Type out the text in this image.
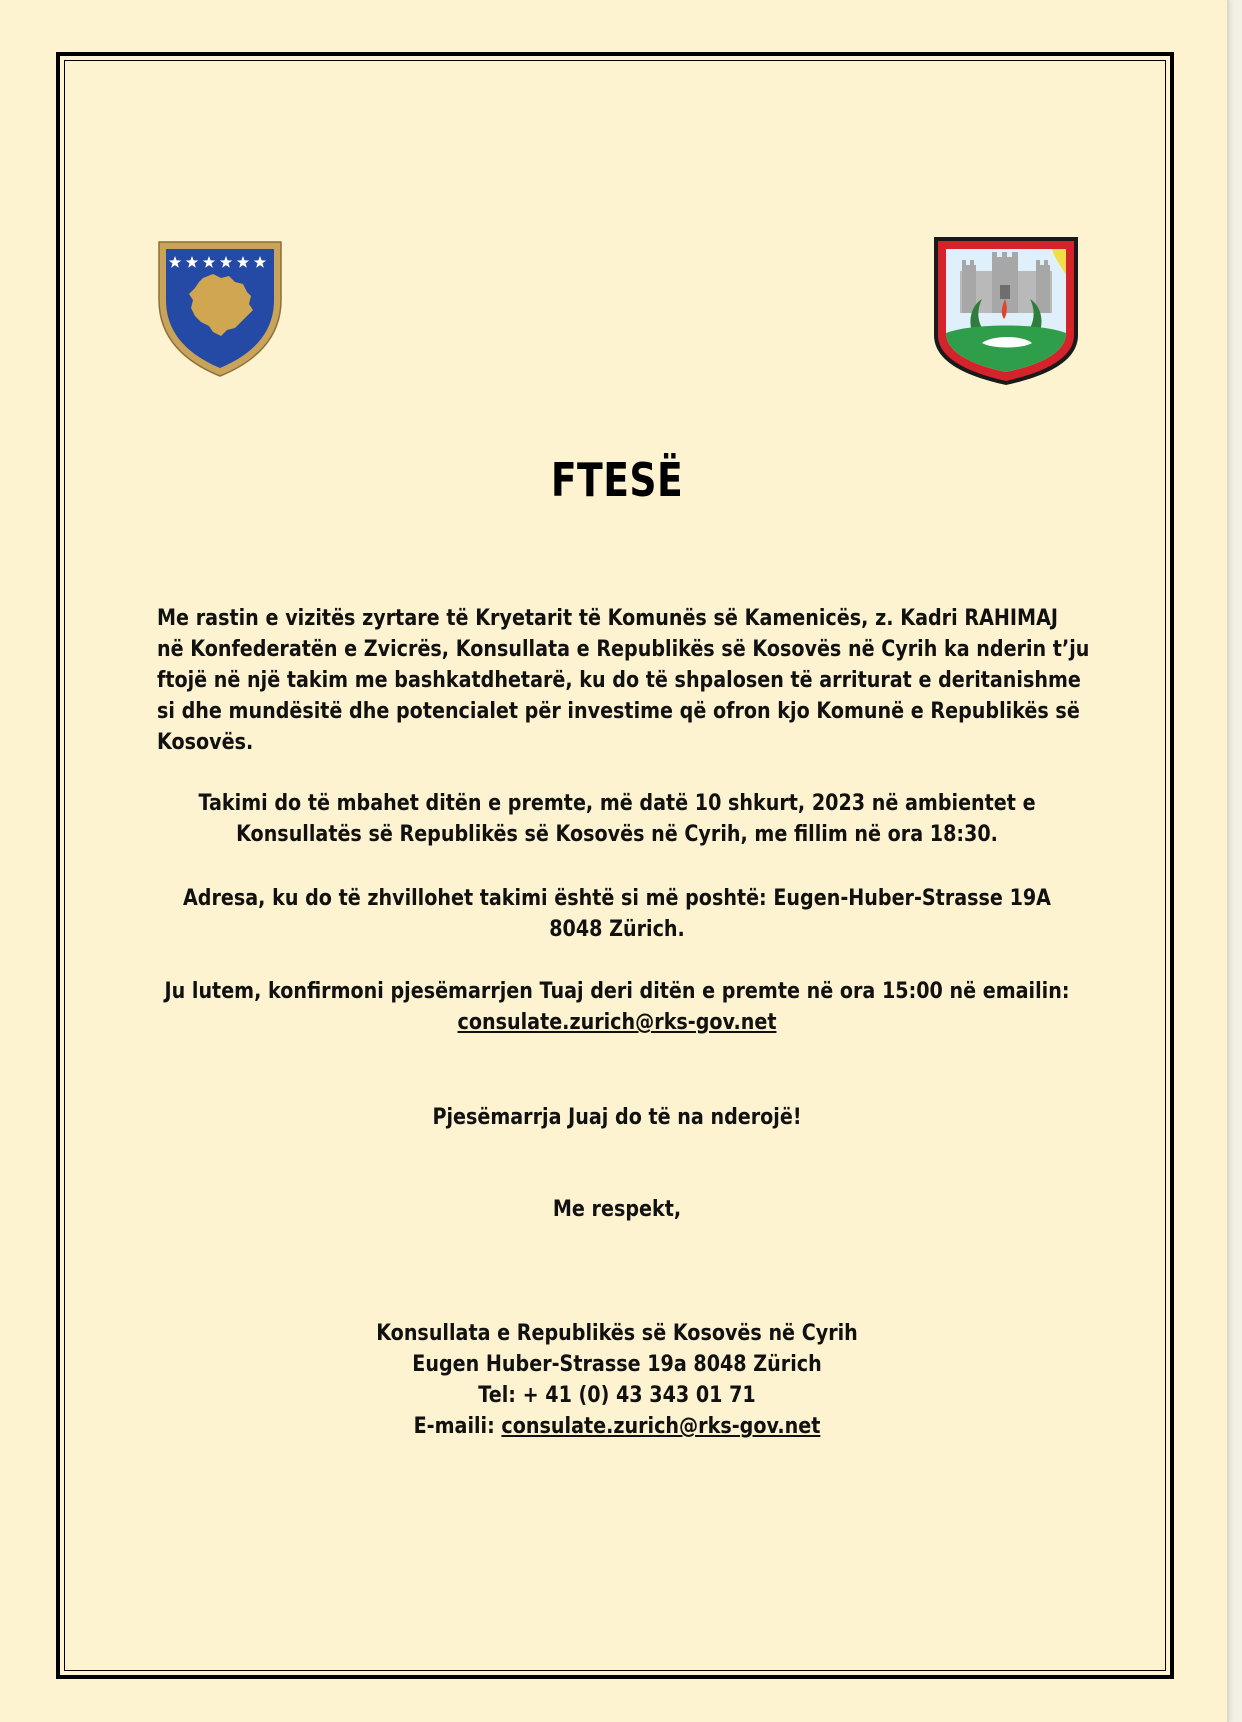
FTESË
Me rastin e vizitës zyrtare të Kryetarit të Komunës së Kamenicës, z. Kadri RAHIMAJ
në Konfederatën e Zvicrës, Konsullata e Republikës së Kosovës në Cyrih ka nderin t’ju
ftojë në një takim me bashkatdhetarë, ku do të shpalosen të arriturat e deritanishme
si dhe mundësitë dhe potencialet për investime që ofron kjo Komunë e Republikës së
Kosovës.
Takimi do të mbahet ditën e premte, më datë 10 shkurt, 2023 në ambientet e
Konsullatës së Republikës së Kosovës në Cyrih, me fillim në ora 18:30.
Adresa, ku do të zhvillohet takimi është si më poshtë: Eugen-Huber-Strasse 19A
8048 Zürich.
Ju lutem, konfirmoni pjesëmarrjen Tuaj deri ditën e premte në ora 15:00 në emailin:
consulate.zurich@rks-gov.net
Pjesëmarrja Juaj do të na nderojë!
Me respekt,
Konsullata e Republikës së Kosovës në Cyrih
Eugen Huber-Strasse 19a 8048 Zürich
Tel: + 41 (0) 43 343 01 71
E-maili: consulate.zurich@rks-gov.net
